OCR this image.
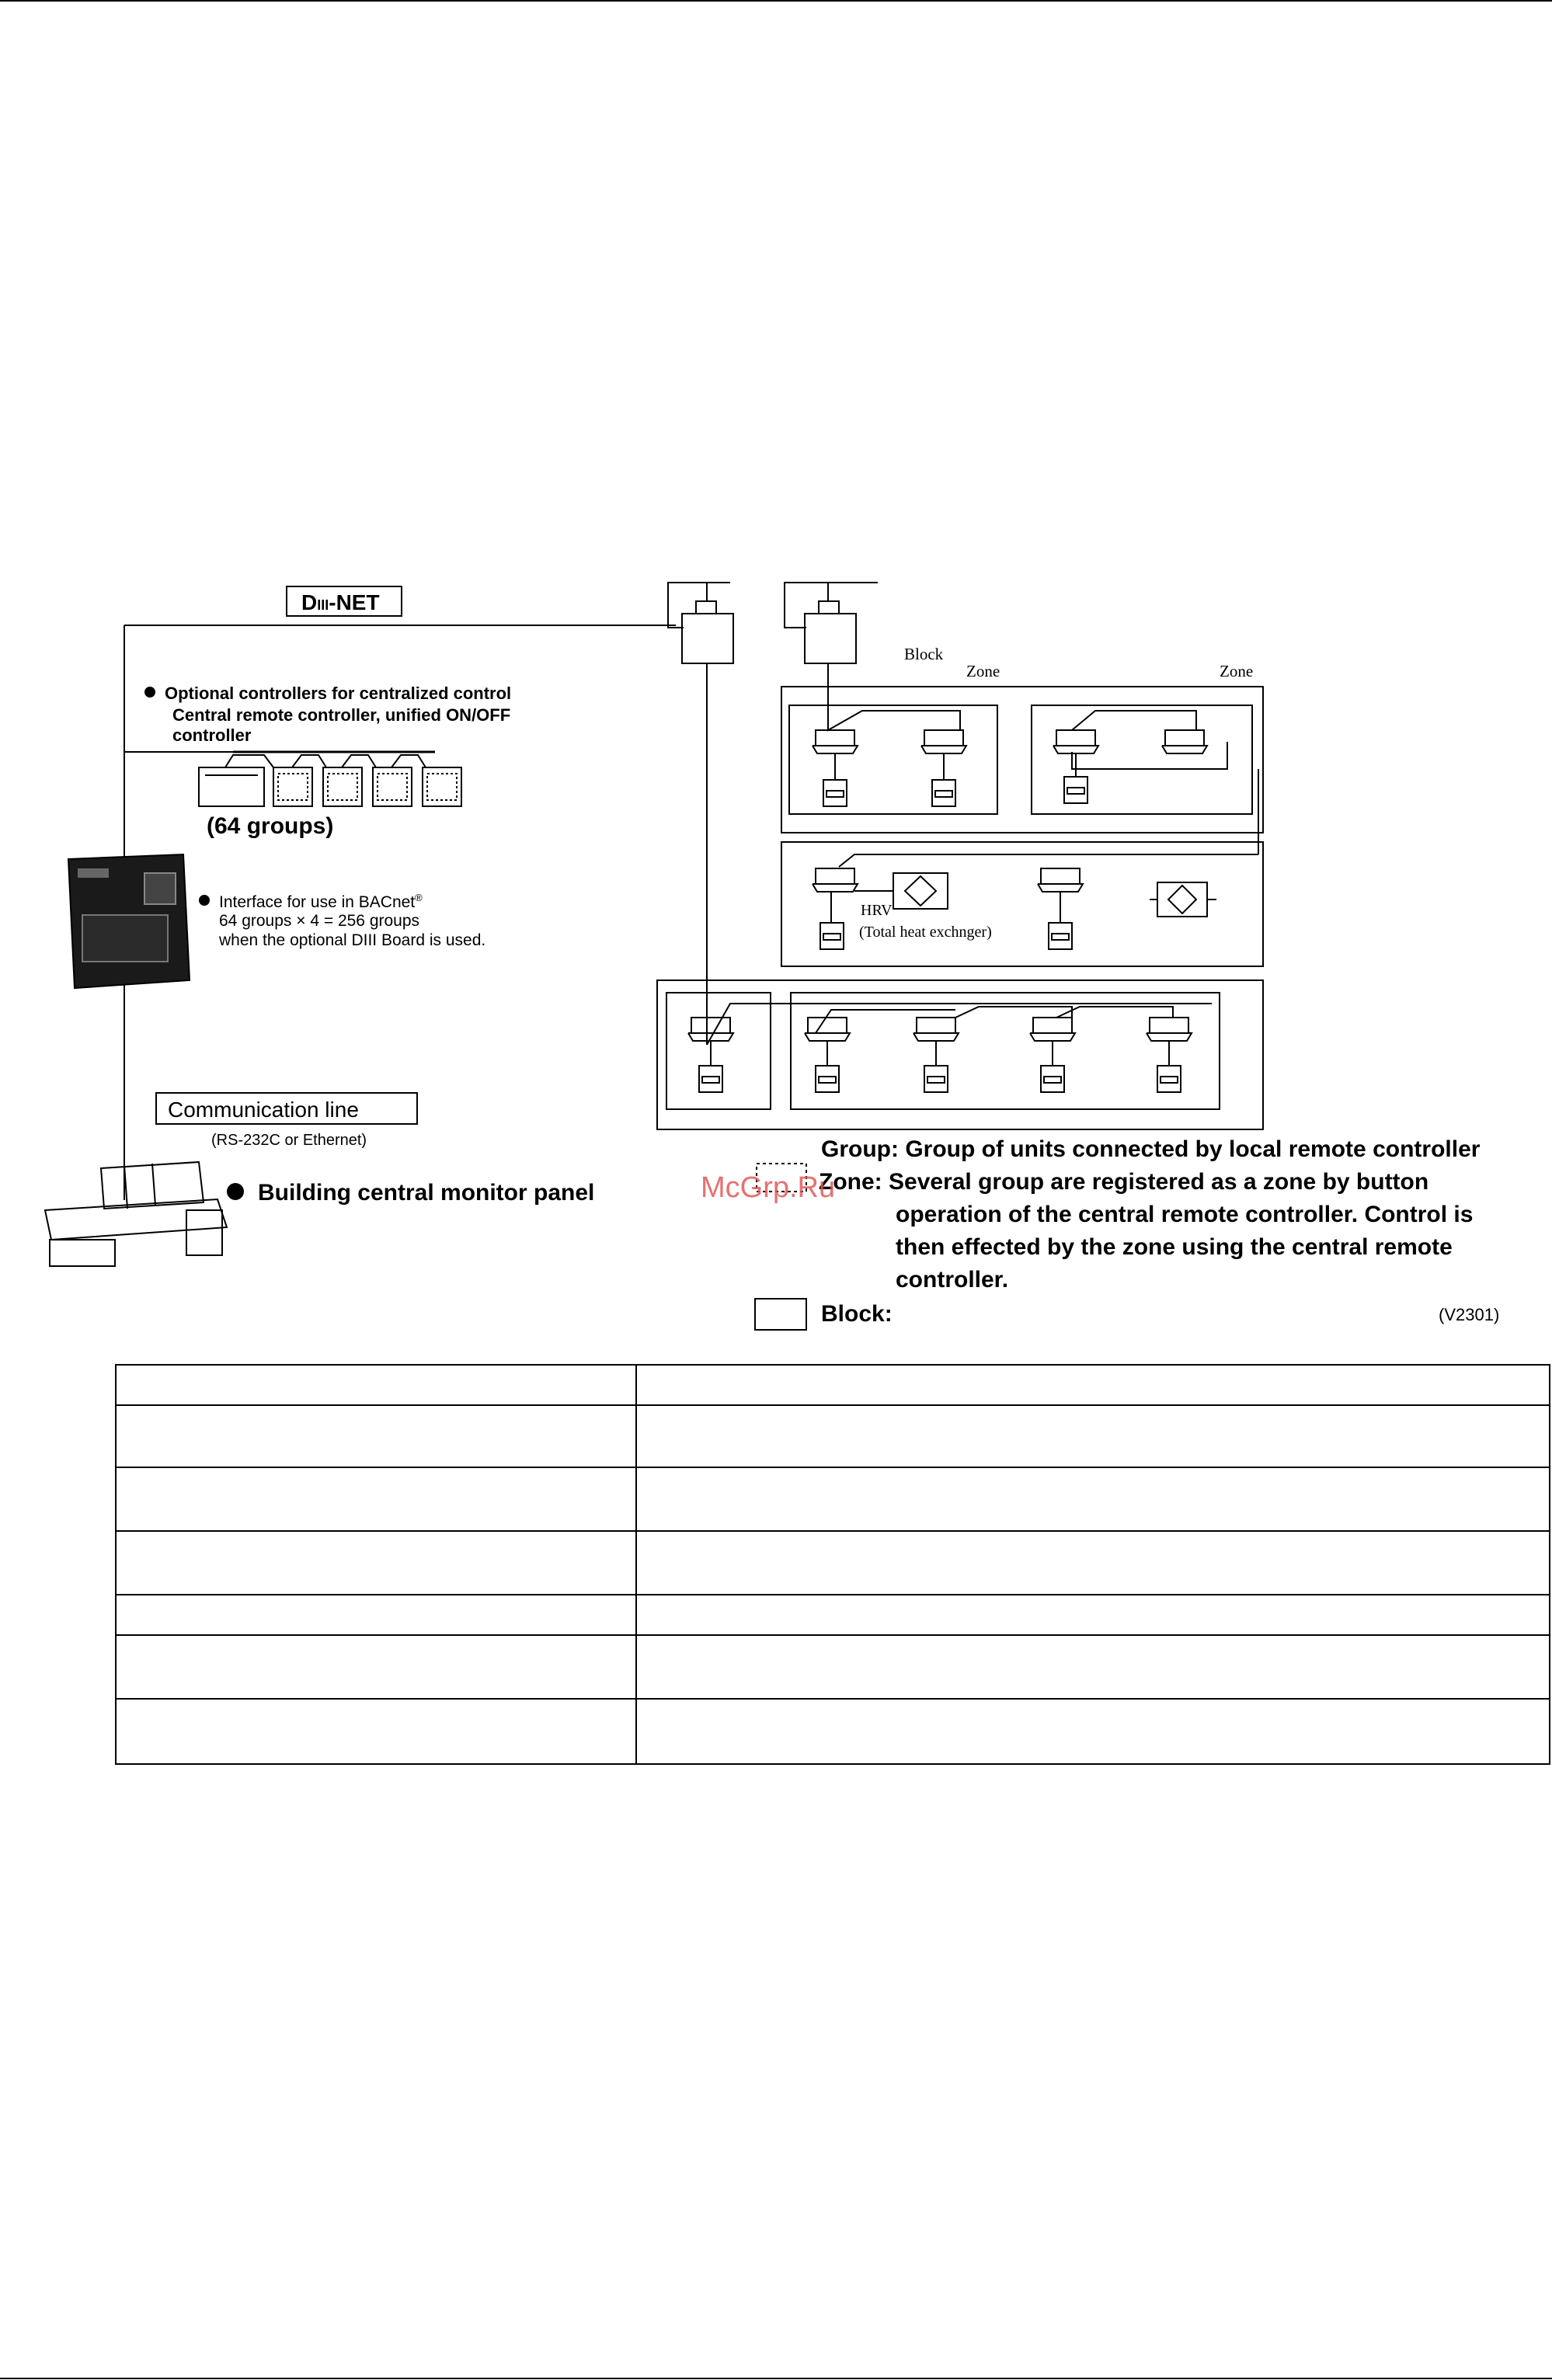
DIII-NET
Optional controllers for centralized control
Central remote controller, unified ON/OFF
controller
(64 groups)
Interface for use in BACnet®
64 groups × 4 = 256 groups
when the optional DIII Board is used.
Communication line
(RS-232C or Ethernet)
Building central monitor panel
Block
Zone	Zone
HRV
(Total heat exchnger)
Group: Group of units connected by local remote controller
Zone: Several group are registered as a zone by button
operation of the central remote controller. Control is
then effected by the zone using the central remote
controller.
Block:	(V2301)
McGrp.Ru
